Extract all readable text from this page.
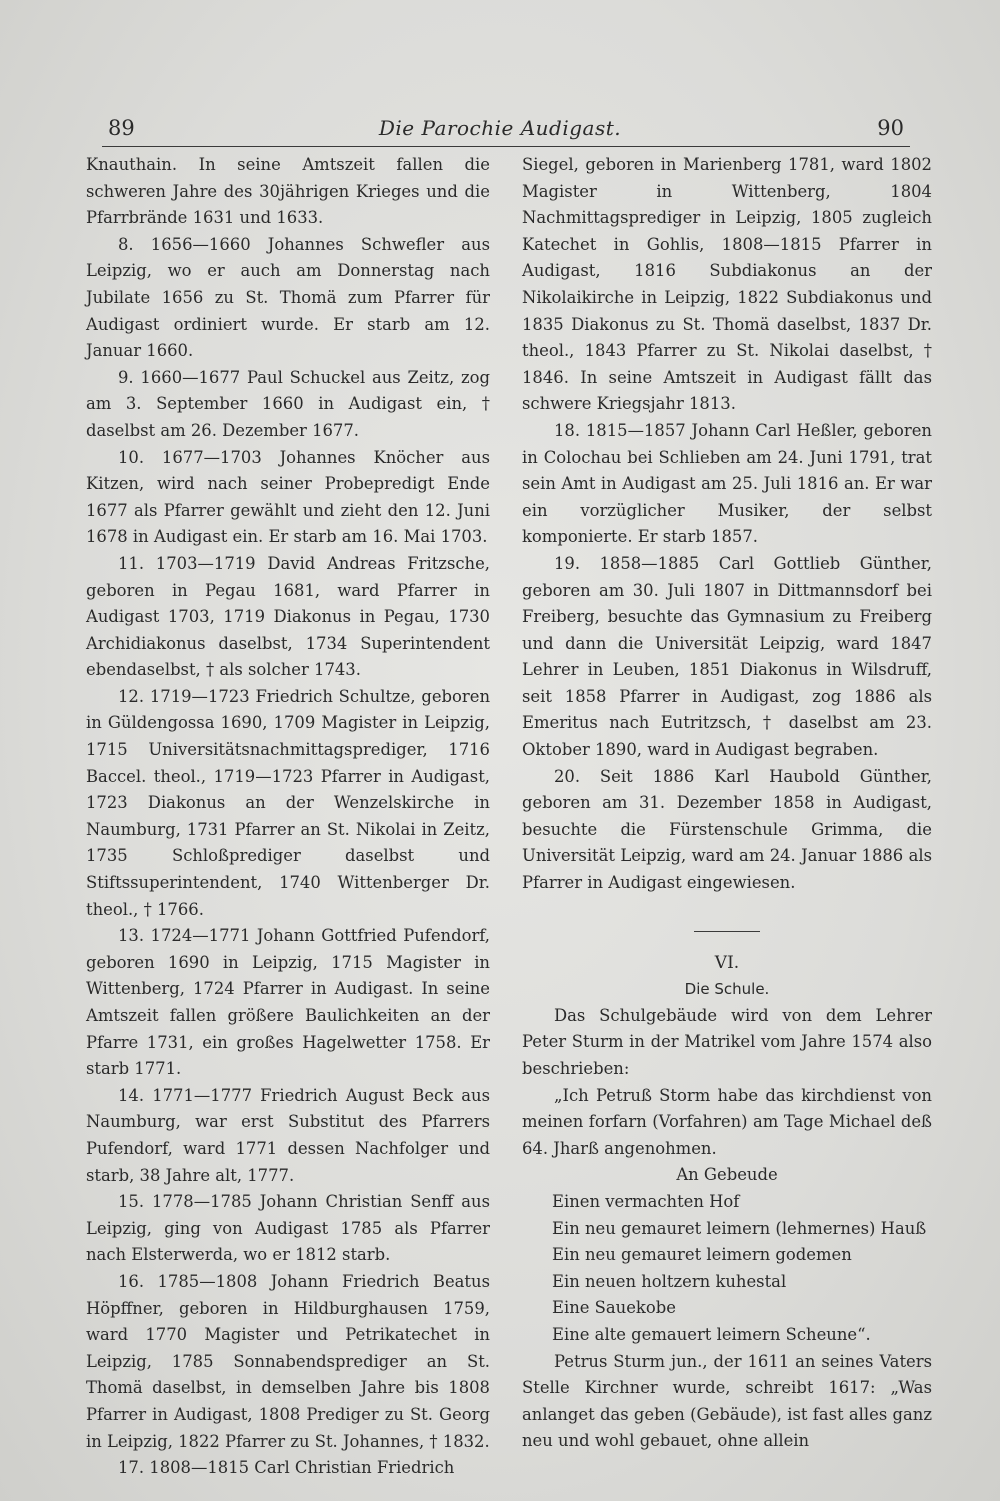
89	Die Parochie Audigast.	90

Knauthain. In seine Amtszeit fallen die schweren Jahre des 30jährigen Krieges und die Pfarrbrände 1631 und 1633.

8. 1656—1660 Johannes Schwefler aus Leipzig, wo er auch am Donnerstag nach Jubilate 1656 zu St. Thomä zum Pfarrer für Audigast ordiniert wurde. Er starb am 12. Januar 1660.

9. 1660—1677 Paul Schuckel aus Zeitz, zog am 3. September 1660 in Audigast ein, † daselbst am 26. Dezember 1677.

10. 1677—1703 Johannes Knöcher aus Kitzen, wird nach seiner Probepredigt Ende 1677 als Pfarrer gewählt und zieht den 12. Juni 1678 in Audigast ein. Er starb am 16. Mai 1703.

11. 1703—1719 David Andreas Fritzsche, geboren in Pegau 1681, ward Pfarrer in Audigast 1703, 1719 Diakonus in Pegau, 1730 Archidiakonus daselbst, 1734 Superintendent ebendaselbst, † als solcher 1743.

12. 1719—1723 Friedrich Schultze, geboren in Güldengossa 1690, 1709 Magister in Leipzig, 1715 Universitätsnachmittagsprediger, 1716 Baccel. theol., 1719—1723 Pfarrer in Audigast, 1723 Diakonus an der Wenzelskirche in Naumburg, 1731 Pfarrer an St. Nikolai in Zeitz, 1735 Schloßprediger daselbst und Stiftssuperintendent, 1740 Wittenberger Dr. theol., † 1766.

13. 1724—1771 Johann Gottfried Pufendorf, geboren 1690 in Leipzig, 1715 Magister in Wittenberg, 1724 Pfarrer in Audigast. In seine Amtszeit fallen größere Baulichkeiten an der Pfarre 1731, ein großes Hagelwetter 1758. Er starb 1771.

14. 1771—1777 Friedrich August Beck aus Naumburg, war erst Substitut des Pfarrers Pufendorf, ward 1771 dessen Nachfolger und starb, 38 Jahre alt, 1777.

15. 1778—1785 Johann Christian Senff aus Leipzig, ging von Audigast 1785 als Pfarrer nach Elsterwerda, wo er 1812 starb.

16. 1785—1808 Johann Friedrich Beatus Höpffner, geboren in Hildburghausen 1759, ward 1770 Magister und Petrikatechet in Leipzig, 1785 Sonnabendsprediger an St. Thomä daselbst, in demselben Jahre bis 1808 Pfarrer in Audigast, 1808 Prediger zu St. Georg in Leipzig, 1822 Pfarrer zu St. Johannes, † 1832.

17. 1808—1815 Carl Christian Friedrich

Siegel, geboren in Marienberg 1781, ward 1802 Magister in Wittenberg, 1804 Nachmittagsprediger in Leipzig, 1805 zugleich Katechet in Gohlis, 1808—1815 Pfarrer in Audigast, 1816 Subdiakonus an der Nikolaikirche in Leipzig, 1822 Subdiakonus und 1835 Diakonus zu St. Thomä daselbst, 1837 Dr. theol., 1843 Pfarrer zu St. Nikolai daselbst, † 1846. In seine Amtszeit in Audigast fällt das schwere Kriegsjahr 1813.

18. 1815—1857 Johann Carl Heßler, geboren in Colochau bei Schlieben am 24. Juni 1791, trat sein Amt in Audigast am 25. Juli 1816 an. Er war ein vorzüglicher Musiker, der selbst komponierte. Er starb 1857.

19. 1858—1885 Carl Gottlieb Günther, geboren am 30. Juli 1807 in Dittmannsdorf bei Freiberg, besuchte das Gymnasium zu Freiberg und dann die Universität Leipzig, ward 1847 Lehrer in Leuben, 1851 Diakonus in Wilsdruff, seit 1858 Pfarrer in Audigast, zog 1886 als Emeritus nach Eutritzsch, † daselbst am 23. Oktober 1890, ward in Audigast begraben.

20. Seit 1886 Karl Haubold Günther, geboren am 31. Dezember 1858 in Audigast, besuchte die Fürstenschule Grimma, die Universität Leipzig, ward am 24. Januar 1886 als Pfarrer in Audigast eingewiesen.

VI.

Die Schule.

Das Schulgebäude wird von dem Lehrer Peter Sturm in der Matrikel vom Jahre 1574 also beschrieben:

„Ich Petruß Storm habe das kirchdienst von meinen forfarn (Vorfahren) am Tage Michael deß 64. Jharß angenohmen.

An Gebeude

Einen vermachten Hof

Ein neu gemauret leimern (lehmernes) Hauß

Ein neu gemauret leimern godemen

Ein neuen holtzern kuhestal

Eine Sauekobe

Eine alte gemauert leimern Scheune“.

Petrus Sturm jun., der 1611 an seines Vaters Stelle Kirchner wurde, schreibt 1617: „Was anlanget das geben (Gebäude), ist fast alles ganz neu und wohl gebauet, ohne allein
